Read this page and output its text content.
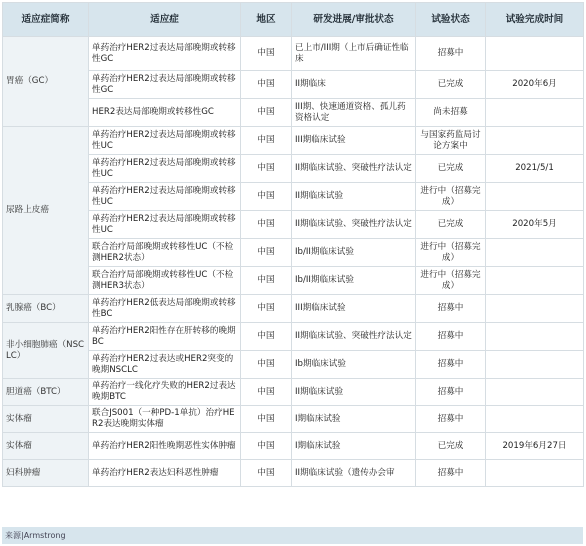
适应症简称	适应症	地区	研发进展/审批状态	试验状态	试验完成时间
胃癌（GC）	单药治疗HER2过表达局部晚期或转移性GC	中国	已上市/III期（上市后确证性临床	招募中	
	单药治疗HER2过表达局部晚期或转移性GC	中国	II期临床	已完成	2020年6月
	HER2表达局部晚期或转移性GC	中国	III期、快速通道资格、孤儿药资格认定	尚未招募	
尿路上皮癌	单药治疗HER2过表达局部晚期或转移性UC	中国	III期临床试验	与国家药监局讨论方案中	
	单药治疗HER2过表达局部晚期或转移性UC	中国	II期临床试验、突破性疗法认定	已完成	2021/5/1
	单药治疗HER2过表达局部晚期或转移性UC	中国	II期临床试验	进行中（招募完成）	
	单药治疗HER2过表达局部晚期或转移性UC	中国	II期临床试验、突破性疗法认定	已完成	2020年5月
	联合治疗局部晚期或转移性UC（不检测HER2状态）	中国	Ib/II期临床试验	进行中（招募完成）	
	联合治疗局部晚期或转移性UC（不检测HER3状态）	中国	Ib/II期临床试验	进行中（招募完成）	
乳腺癌（BC）	单药治疗HER2低表达局部晚期或转移性BC	中国	III期临床试验	招募中	
非小细胞肺癌（NSCLC）	单药治疗HER2阳性存在肝转移的晚期BC	中国	II期临床试验、突破性疗法认定	招募中	
	单药治疗HER2过表达或HER2突变的晚期NSCLC	中国	Ib期临床试验	招募中	
胆道癌（BTC）	单药治疗一线化疗失败的HER2过表达晚期BTC	中国	II期临床试验	招募中	
实体瘤	联合JS001（一种PD-1单抗）治疗HER2表达晚期实体瘤	中国	I期临床试验	招募中	
实体瘤	单药治疗HER2阳性晚期恶性实体肿瘤	中国	I期临床试验	已完成	2019年6月27日
妇科肿瘤	单药治疗HER2表达妇科恶性肿瘤	中国	II期临床试验（遗传办会审	招募中	
来源|Armstrong
